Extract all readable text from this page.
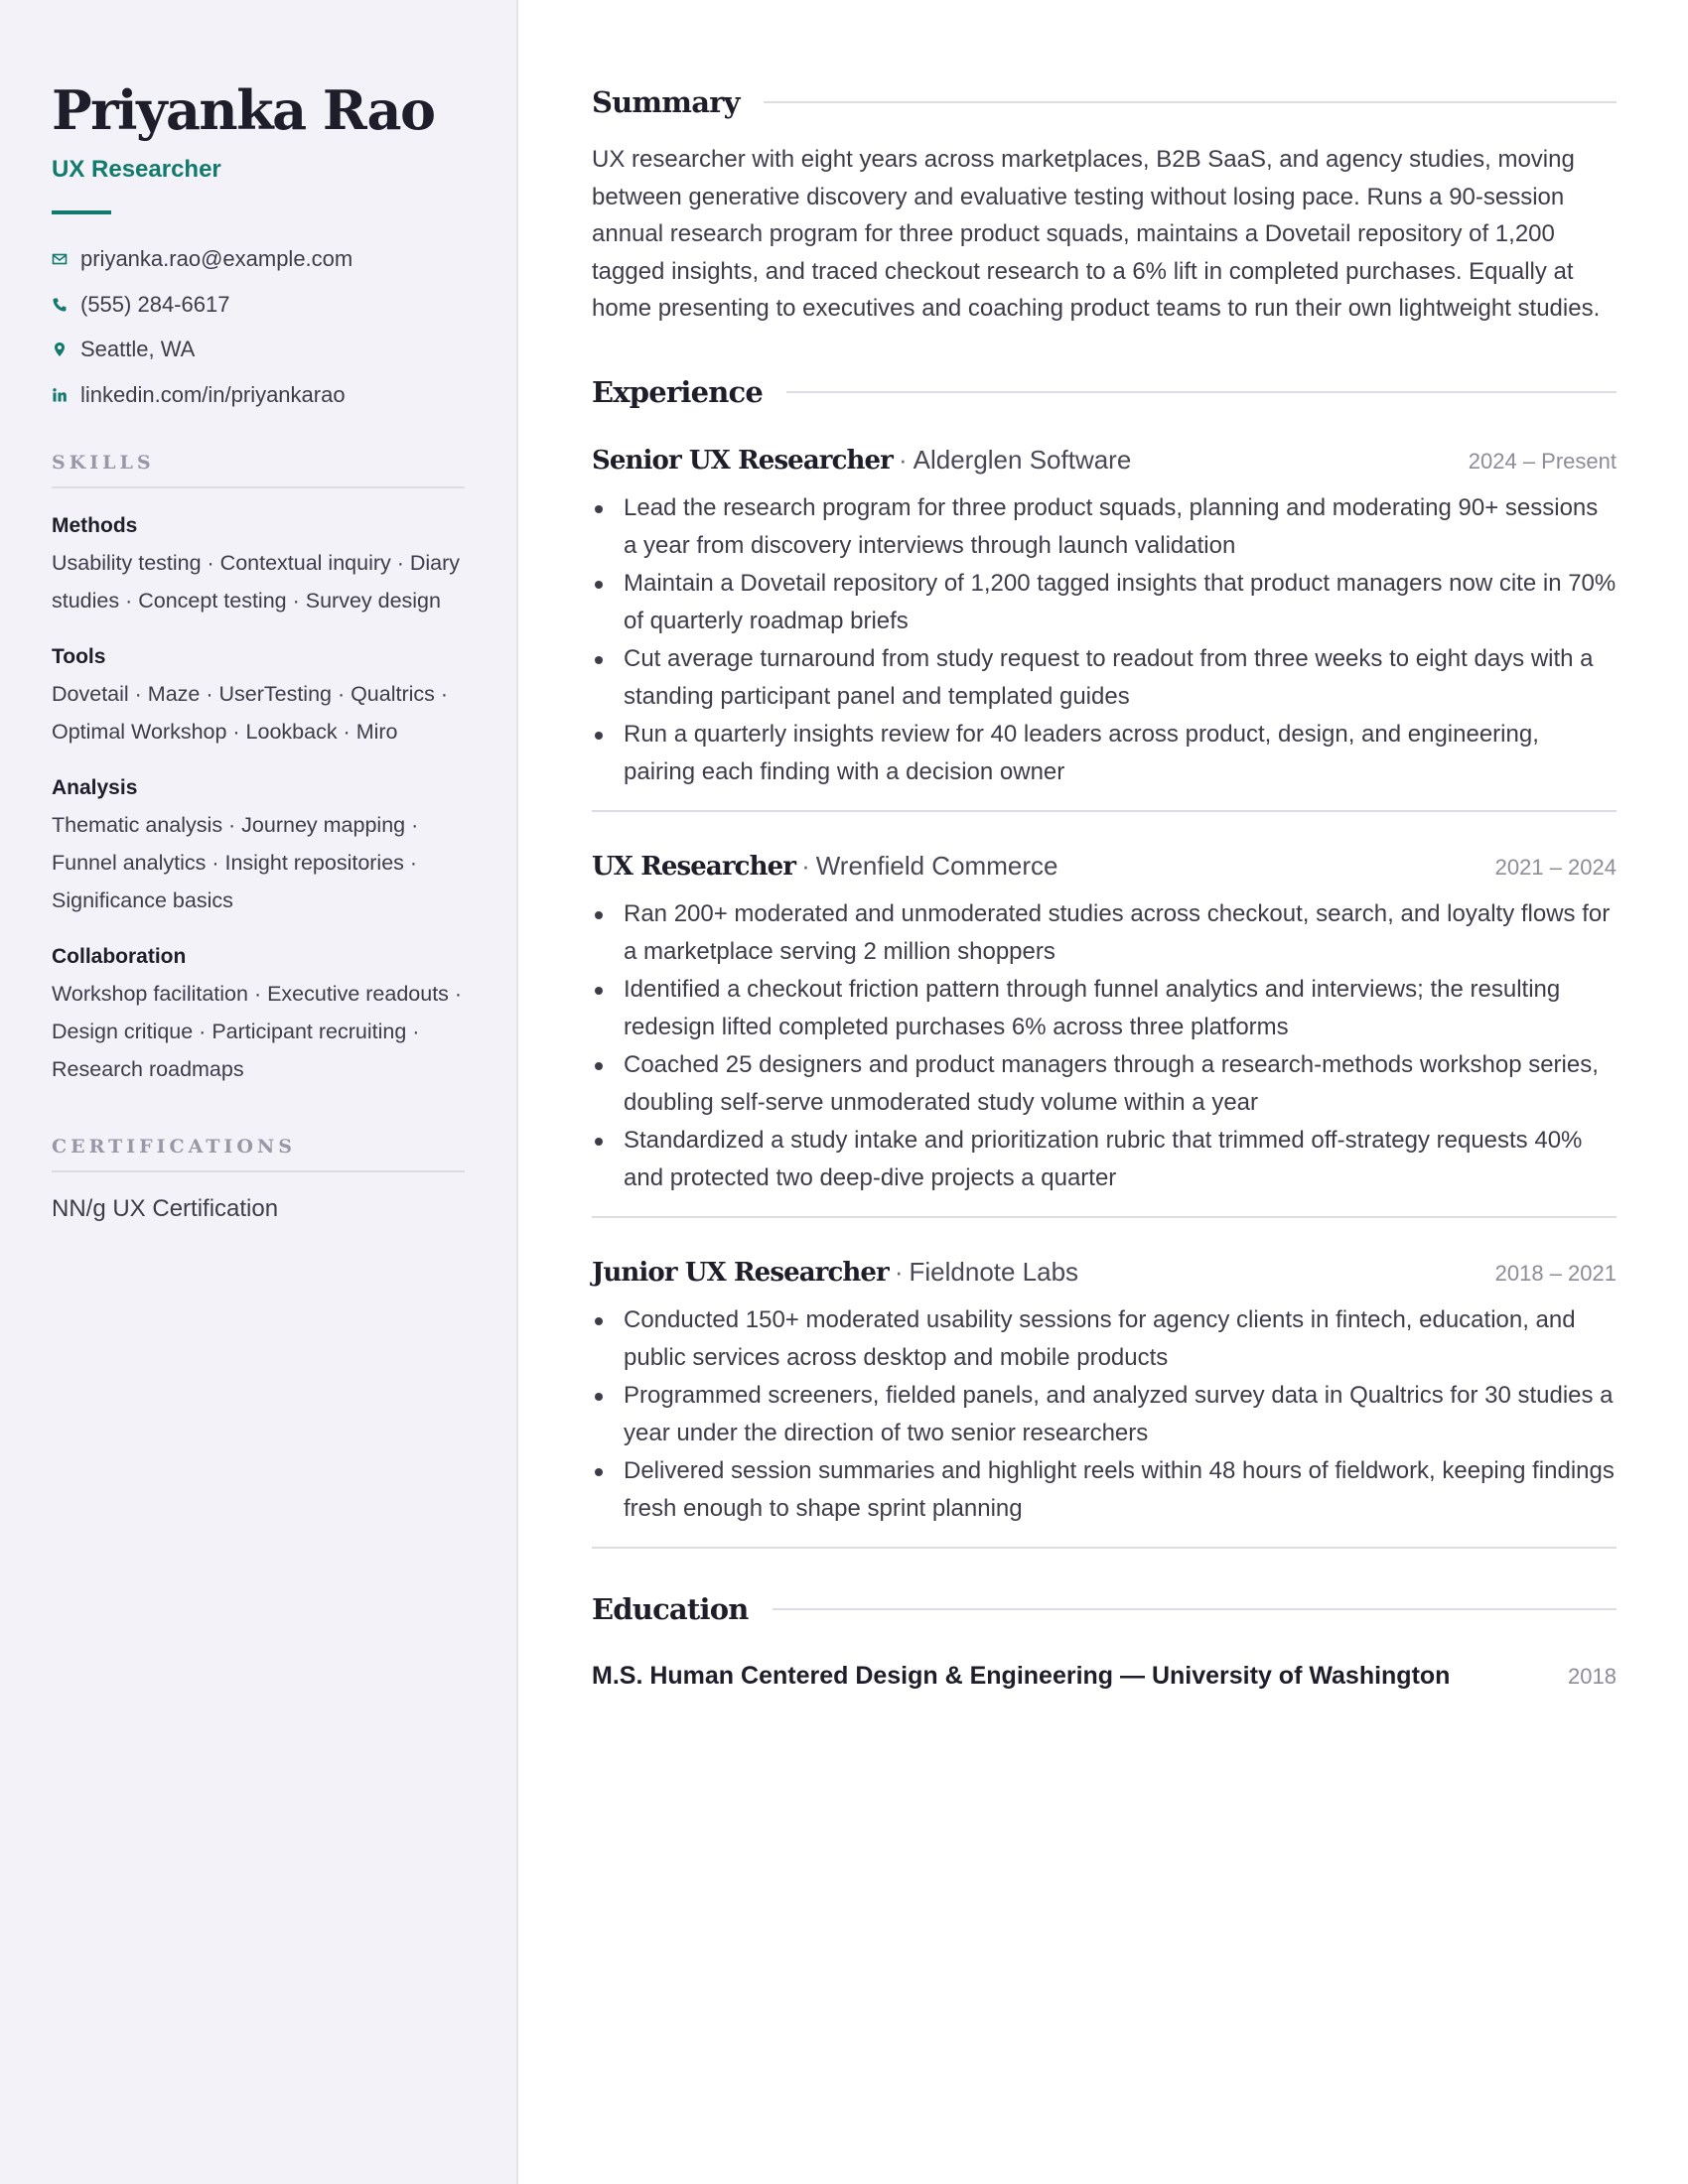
Priyanka Rao
UX Researcher
priyanka.rao@example.com
(555) 284-6617
Seattle, WA
linkedin.com/in/priyankarao
SKILLS
Methods
Usability testing · Contextual inquiry · Diary studies · Concept testing · Survey design
Tools
Dovetail · Maze · UserTesting · Qualtrics · Optimal Workshop · Lookback · Miro
Analysis
Thematic analysis · Journey mapping · Funnel analytics · Insight repositories · Significance basics
Collaboration
Workshop facilitation · Executive readouts · Design critique · Participant recruiting · Research roadmaps
CERTIFICATIONS
NN/g UX Certification
Summary

UX researcher with eight years across marketplaces, B2B SaaS, and agency studies, moving between generative discovery and evaluative testing without losing pace. Runs a 90-session annual research program for three product squads, maintains a Dovetail repository of 1,200 tagged insights, and traced checkout research to a 6% lift in completed purchases. Equally at home presenting to executives and coaching product teams to run their own lightweight studies.

Experience
Senior UX Researcher · Alderglen Software	2024 – Present
Lead the research program for three product squads, planning and moderating 90+ sessions a year from discovery interviews through launch validation
Maintain a Dovetail repository of 1,200 tagged insights that product managers now cite in 70% of quarterly roadmap briefs
Cut average turnaround from study request to readout from three weeks to eight days with a standing participant panel and templated guides
Run a quarterly insights review for 40 leaders across product, design, and engineering, pairing each finding with a decision owner
UX Researcher · Wrenfield Commerce	2021 – 2024
Ran 200+ moderated and unmoderated studies across checkout, search, and loyalty flows for a marketplace serving 2 million shoppers
Identified a checkout friction pattern through funnel analytics and interviews; the resulting redesign lifted completed purchases 6% across three platforms
Coached 25 designers and product managers through a research-methods workshop series, doubling self-serve unmoderated study volume within a year
Standardized a study intake and prioritization rubric that trimmed off-strategy requests 40% and protected two deep-dive projects a quarter
Junior UX Researcher · Fieldnote Labs	2018 – 2021
Conducted 150+ moderated usability sessions for agency clients in fintech, education, and public services across desktop and mobile products
Programmed screeners, fielded panels, and analyzed survey data in Qualtrics for 30 studies a year under the direction of two senior researchers
Delivered session summaries and highlight reels within 48 hours of fieldwork, keeping findings fresh enough to shape sprint planning
Education
M.S. Human Centered Design & Engineering — University of Washington	2018
